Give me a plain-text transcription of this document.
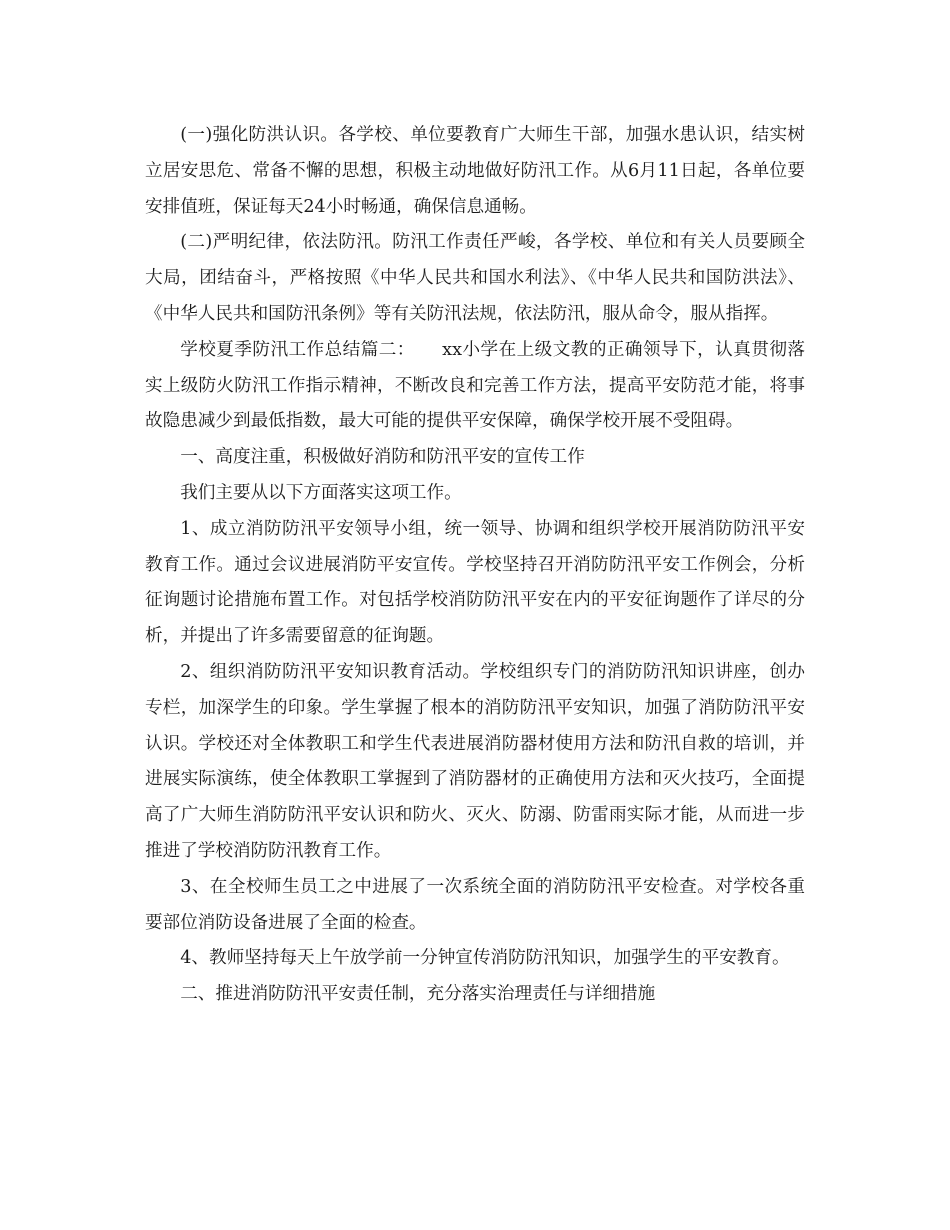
(一)强化防洪认识。各学校、单位要教育广大师生干部，加强水患认识，结实树立居安思危、常备不懈的思想，积极主动地做好防汛工作。从6月11日起，各单位要安排值班，保证每天24小时畅通，确保信息通畅。

(二)严明纪律，依法防汛。防汛工作责任严峻，各学校、单位和有关人员要顾全大局，团结奋斗，严格按照《中华人民共和国水利法》、《中华人民共和国防洪法》、《中华人民共和国防汛条例》等有关防汛法规，依法防汛，服从命令，服从指挥。

学校夏季防汛工作总结篇二：　　xx小学在上级文教的正确领导下，认真贯彻落实上级防火防汛工作指示精神，不断改良和完善工作方法，提高平安防范才能，将事故隐患减少到最低指数，最大可能的提供平安保障，确保学校开展不受阻碍。

一、高度注重，积极做好消防和防汛平安的宣传工作

我们主要从以下方面落实这项工作。

1、成立消防防汛平安领导小组，统一领导、协调和组织学校开展消防防汛平安教育工作。通过会议进展消防平安宣传。学校坚持召开消防防汛平安工作例会，分析征询题讨论措施布置工作。对包括学校消防防汛平安在内的平安征询题作了详尽的分析，并提出了许多需要留意的征询题。

2、组织消防防汛平安知识教育活动。学校组织专门的消防防汛知识讲座，创办专栏，加深学生的印象。学生掌握了根本的消防防汛平安知识，加强了消防防汛平安认识。学校还对全体教职工和学生代表进展消防器材使用方法和防汛自救的培训，并进展实际演练，使全体教职工掌握到了消防器材的正确使用方法和灭火技巧，全面提高了广大师生消防防汛平安认识和防火、灭火、防溺、防雷雨实际才能，从而进一步推进了学校消防防汛教育工作。

3、在全校师生员工之中进展了一次系统全面的消防防汛平安检查。对学校各重要部位消防设备进展了全面的检查。

4、教师坚持每天上午放学前一分钟宣传消防防汛知识，加强学生的平安教育。

二、推进消防防汛平安责任制，充分落实治理责任与详细措施
